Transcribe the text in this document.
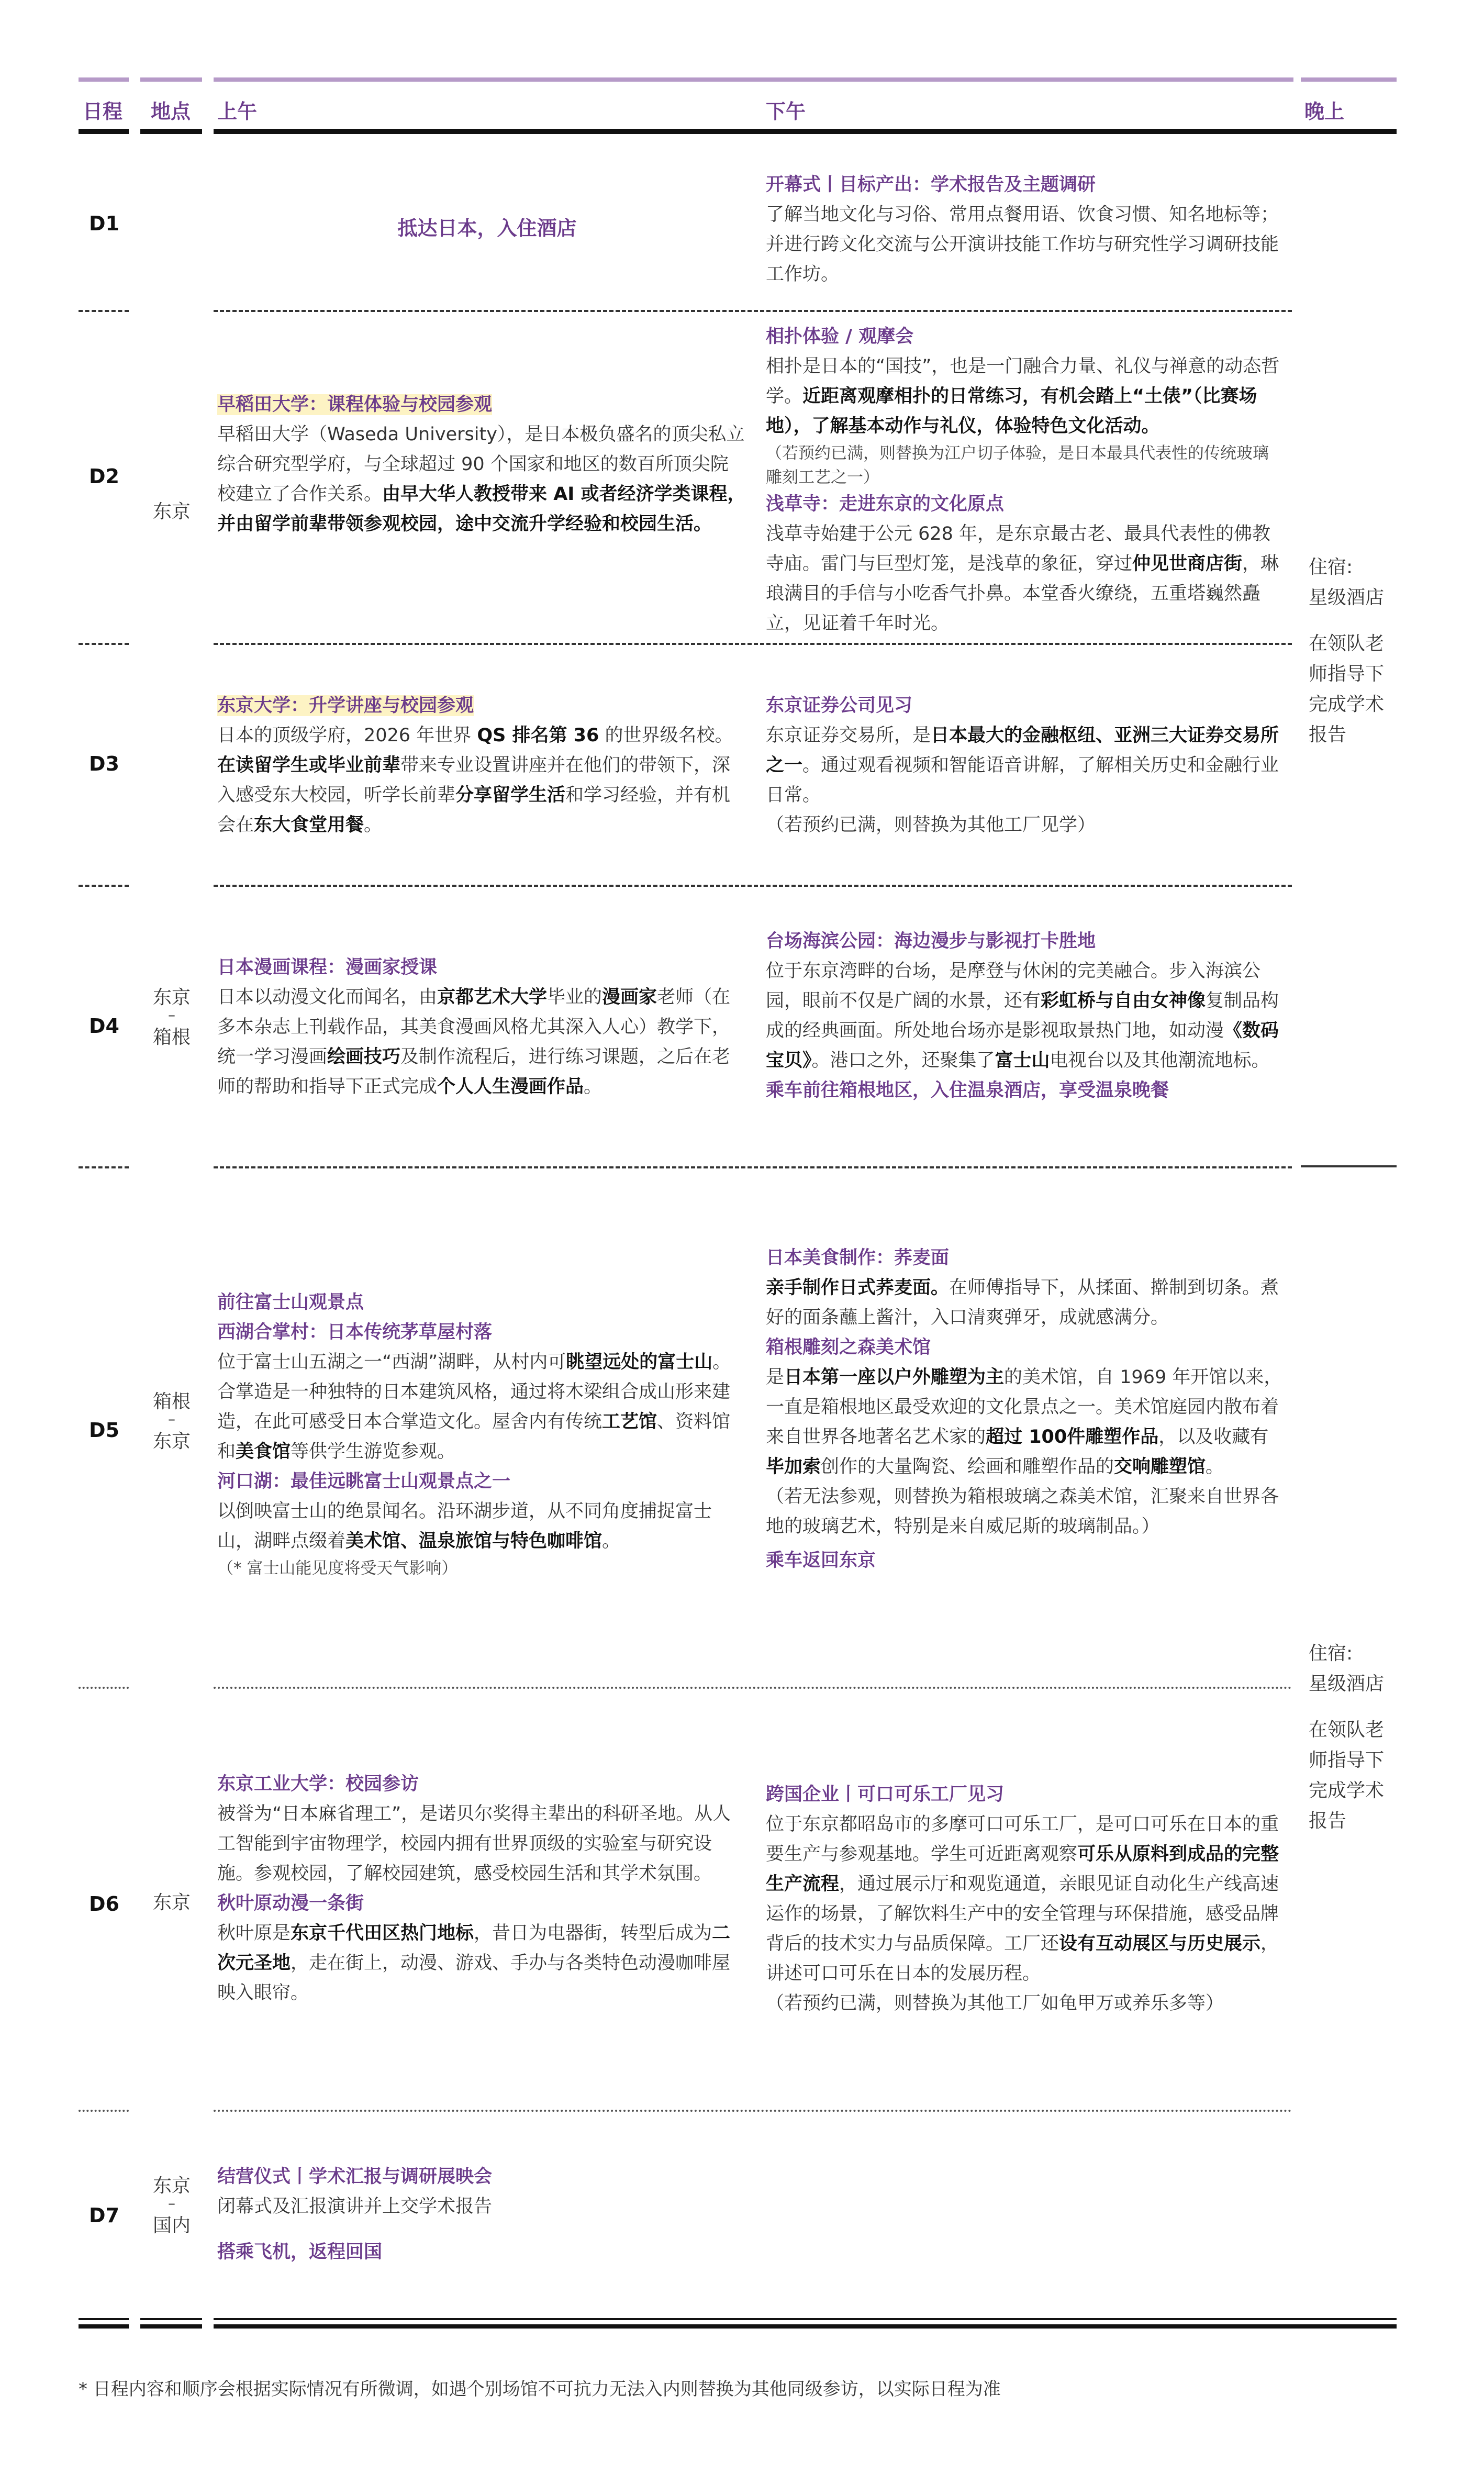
日程 地点 上午	下午	晚上
D1
D2
D3
D4
D5
D6
D7
东京
东京
–
箱根
箱根
–
东京
东京
东京
–
国内
抵达日本，入住酒店
开幕式丨目标产出：学术报告及主题调研
了解当地文化与习俗、常用点餐用语、饮食习惯、知名地标等；并进行跨文化交流与公开演讲技能工作坊与研究性学习调研技能工作坊。
早稻田大学：课程体验与校园参观
早稻田大学（Waseda University），是日本极负盛名的顶尖私立综合研究型学府，与全球超过 90 个国家和地区的数百所顶尖院校建立了合作关系。由早大华人教授带来 AI 或者经济学类课程，并由留学前辈带领参观校园，途中交流升学经验和校园生活。
相扑体验 / 观摩会
相扑是日本的“国技”，也是一门融合力量、礼仪与禅意的动态哲学。近距离观摩相扑的日常练习，有机会踏上“土俵”（比赛场地），了解基本动作与礼仪，体验特色文化活动。
（若预约已满，则替换为江户切子体验，是日本最具代表性的传统玻璃雕刻工艺之一）
浅草寺：走进东京的文化原点
浅草寺始建于公元 628 年，是东京最古老、最具代表性的佛教寺庙。雷门与巨型灯笼，是浅草的象征，穿过仲见世商店街，琳琅满目的手信与小吃香气扑鼻。本堂香火缭绕，五重塔巍然矗立，见证着千年时光。
东京大学：升学讲座与校园参观
日本的顶级学府，2026 年世界 QS 排名第 36 的世界级名校。在读留学生或毕业前辈带来专业设置讲座并在他们的带领下，深入感受东大校园，听学长前辈分享留学生活和学习经验，并有机会在东大食堂用餐。
东京证券公司见习
东京证券交易所，是日本最大的金融枢纽、亚洲三大证券交易所之一。通过观看视频和智能语音讲解，了解相关历史和金融行业日常。
（若预约已满，则替换为其他工厂见学）
日本漫画课程：漫画家授课
日本以动漫文化而闻名，由京都艺术大学毕业的漫画家老师（在多本杂志上刊载作品，其美食漫画风格尤其深入人心）教学下，统一学习漫画绘画技巧及制作流程后，进行练习课题，之后在老师的帮助和指导下正式完成个人人生漫画作品。
台场海滨公园：海边漫步与影视打卡胜地
位于东京湾畔的台场，是摩登与休闲的完美融合。步入海滨公园，眼前不仅是广阔的水景，还有彩虹桥与自由女神像复制品构成的经典画面。所处地台场亦是影视取景热门地，如动漫《数码宝贝》。港口之外，还聚集了富士山电视台以及其他潮流地标。
乘车前往箱根地区，入住温泉酒店，享受温泉晚餐
前往富士山观景点
西湖合掌村：日本传统茅草屋村落
位于富士山五湖之一“西湖”湖畔，从村内可眺望远处的富士山。合掌造是一种独特的日本建筑风格，通过将木梁组合成山形来建造，在此可感受日本合掌造文化。屋舍内有传统工艺馆、资料馆和美食馆等供学生游览参观。
河口湖：最佳远眺富士山观景点之一
以倒映富士山的绝景闻名。沿环湖步道，从不同角度捕捉富士山，湖畔点缀着美术馆、温泉旅馆与特色咖啡馆。
（* 富士山能见度将受天气影响）
日本美食制作：荞麦面
亲手制作日式荞麦面。在师傅指导下，从揉面、擀制到切条。煮好的面条蘸上酱汁，入口清爽弹牙，成就感满分。
箱根雕刻之森美术馆
是日本第一座以户外雕塑为主的美术馆，自 1969 年开馆以来，一直是箱根地区最受欢迎的文化景点之一。美术馆庭园内散布着来自世界各地著名艺术家的超过 100件雕塑作品，以及收藏有毕加索创作的大量陶瓷、绘画和雕塑作品的交响雕塑馆。
（若无法参观，则替换为箱根玻璃之森美术馆，汇聚来自世界各地的玻璃艺术，特别是来自威尼斯的玻璃制品。）
乘车返回东京
东京工业大学：校园参访
被誉为“日本麻省理工”，是诺贝尔奖得主辈出的科研圣地。从人工智能到宇宙物理学，校园内拥有世界顶级的实验室与研究设施。参观校园，了解校园建筑，感受校园生活和其学术氛围。
秋叶原动漫一条街
秋叶原是东京千代田区热门地标，昔日为电器街，转型后成为二次元圣地，走在街上，动漫、游戏、手办与各类特色动漫咖啡屋映入眼帘。
跨国企业丨可口可乐工厂见习
位于东京都昭岛市的多摩可口可乐工厂，是可口可乐在日本的重要生产与参观基地。学生可近距离观察可乐从原料到成品的完整生产流程，通过展示厅和观览通道，亲眼见证自动化生产线高速运作的场景，了解饮料生产中的安全管理与环保措施，感受品牌背后的技术实力与品质保障。工厂还设有互动展区与历史展示，讲述可口可乐在日本的发展历程。
（若预约已满，则替换为其他工厂如龟甲万或养乐多等）
结营仪式丨学术汇报与调研展映会
闭幕式及汇报演讲并上交学术报告
搭乘飞机，返程回国
住宿:
星级酒店
在领队老
师指导下
完成学术
报告
住宿:
星级酒店
在领队老
师指导下
完成学术
报告
* 日程内容和顺序会根据实际情况有所微调，如遇个别场馆不可抗力无法入内则替换为其他同级参访，以实际日程为准
